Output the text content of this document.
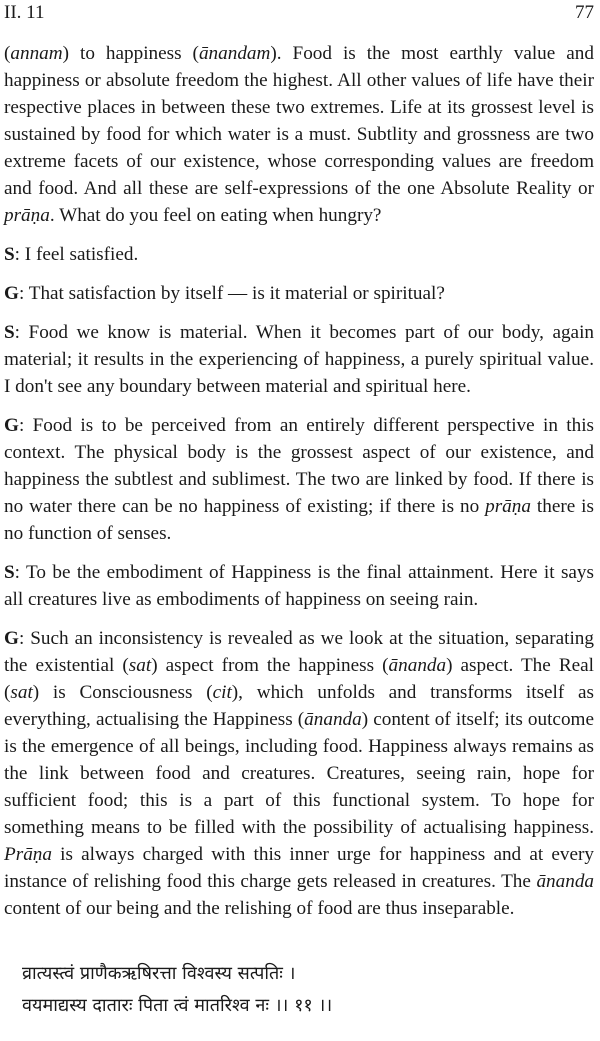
II. 11	77

(annam) to happiness (ānandam). Food is the most earthly value and happiness or absolute freedom the highest. All other values of life have their respective places in between these two extremes. Life at its grossest level is sustained by food for which water is a must. Subtlity and grossness are two extreme facets of our existence, whose corresponding values are freedom and food. And all these are self-expressions of the one Absolute Reality or prāṇa. What do you feel on eating when hungry?

S: I feel satisfied.

G: That satisfaction by itself — is it material or spiritual?

S: Food we know is material. When it becomes part of our body, again material; it results in the experiencing of happiness, a purely spiritual value. I don't see any boundary between material and spiritual here.

G: Food is to be perceived from an entirely different perspective in this context. The physical body is the grossest aspect of our existence, and happiness the subtlest and sublimest. The two are linked by food. If there is no water there can be no happiness of existing; if there is no prāṇa there is no function of senses.

S: To be the embodiment of Happiness is the final attainment. Here it says all creatures live as embodiments of happiness on seeing rain.

G: Such an inconsistency is revealed as we look at the situation, separating the existential (sat) aspect from the happiness (ānanda) aspect. The Real (sat) is Consciousness (cit), which unfolds and transforms itself as everything, actualising the Happiness (ānanda) content of itself; its outcome is the emergence of all beings, including food. Happiness always remains as the link between food and creatures. Creatures, seeing rain, hope for sufficient food; this is a part of this functional system. To hope for something means to be filled with the possibility of actualising happiness. Prāṇa is always charged with this inner urge for happiness and at every instance of relishing food this charge gets released in creatures. The ānanda content of our being and the relishing of food are thus inseparable.

व्रात्यस्त्वं प्राणैकऋषिरत्ता विश्वस्य सत्पतिः ।
वयमाद्यस्य दातारः पिता त्वं मातरिश्व नः ।। ११ ।।
